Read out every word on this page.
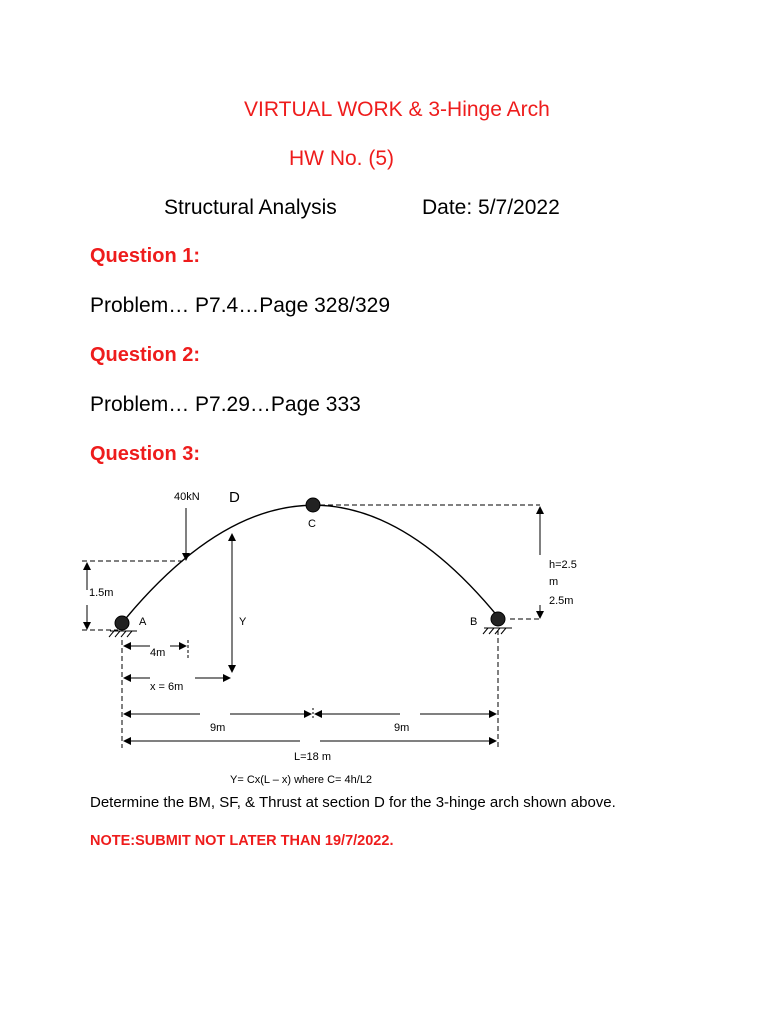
VIRTUAL WORK & 3-Hinge Arch
HW No. (5)
Structural Analysis	Date: 5/7/2022
Question 1:
Problem… P7.4…Page 328/329
Question 2:
Problem… P7.29…Page 333
Question 3:
40kN D
C
A	B
Y
1.5m
h=2.5
m
2.5m
4m
x = 6m
9m	9m
L=18 m
Y= Cx(L – x) where C= 4h/L2
Determine the BM, SF, & Thrust at section D for the 3-hinge arch shown above.
NOTE:SUBMIT NOT LATER THAN 19/7/2022.
